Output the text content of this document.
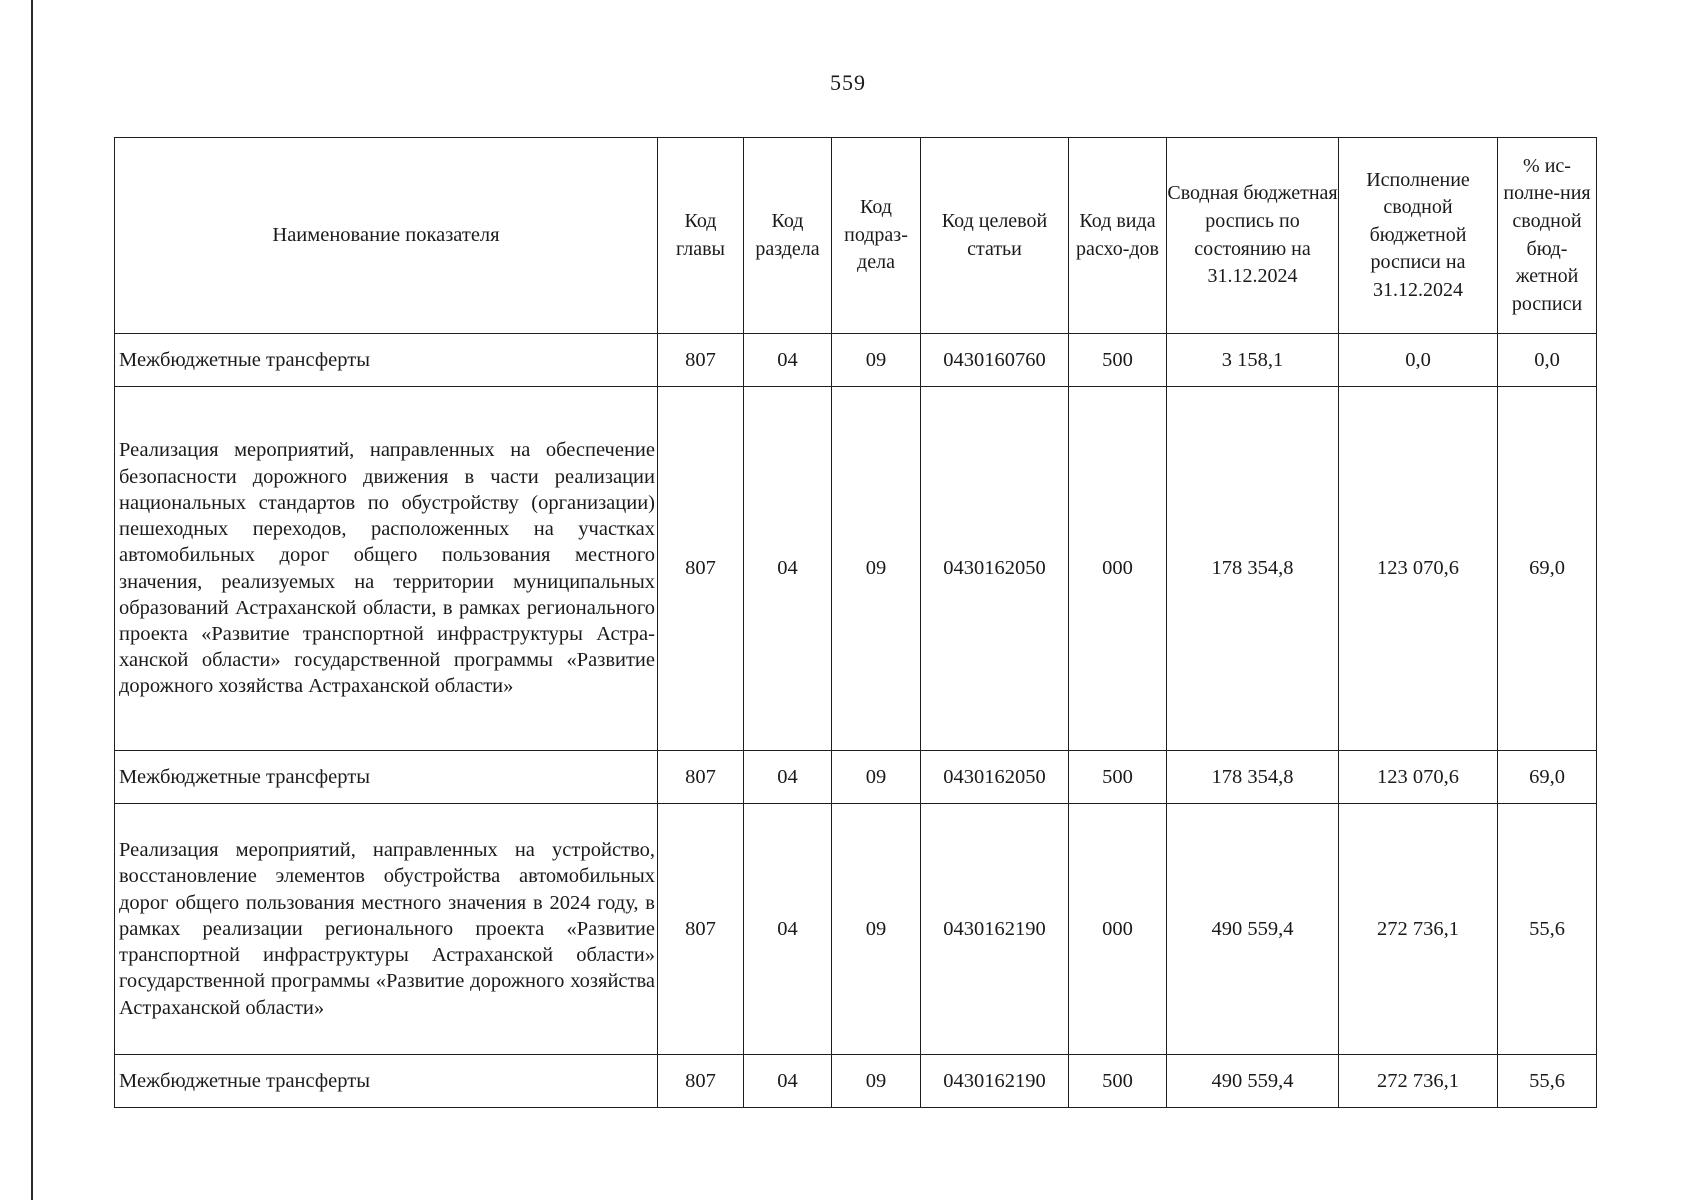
559
Наименование показателя	Код главы	Код раздела	Код подраз-дела	Код целевой статьи	Код вида расхо-дов	Сводная бюджетная роспись по состоянию на 31.12.2024	Исполнение сводной бюджетной росписи на 31.12.2024	% ис-полне-ния сводной бюд-жетной росписи
Межбюджетные трансферты	807	04	09	0430160760	500	3 158,1	0,0	0,0
Реализация мероприятий, направленных на обеспечение безопасности дорожного движения в части реализации национальных стандартов по обустройству (организации) пешеходных переходов, расположенных на участках автомобильных дорог общего пользования местного значения, реализуемых на территории муниципальных образований Астраханской области, в рамках регионального проекта «Развитие транспортной инфраструктуры Астраханской области» государственной программы «Развитие дорожного хозяйства Астраханской области»	807	04	09	0430162050	000	178 354,8	123 070,6	69,0
Межбюджетные трансферты	807	04	09	0430162050	500	178 354,8	123 070,6	69,0
Реализация мероприятий, направленных на устройство, восстановление элементов обустройства автомобильных дорог общего пользования местного значения в 2024 году, в рамках реализации регионального проекта «Развитие транспортной инфраструктуры Астраханской области» государственной программы «Развитие дорожного хозяйства Астраханской области»	807	04	09	0430162190	000	490 559,4	272 736,1	55,6
Межбюджетные трансферты	807	04	09	0430162190	500	490 559,4	272 736,1	55,6
